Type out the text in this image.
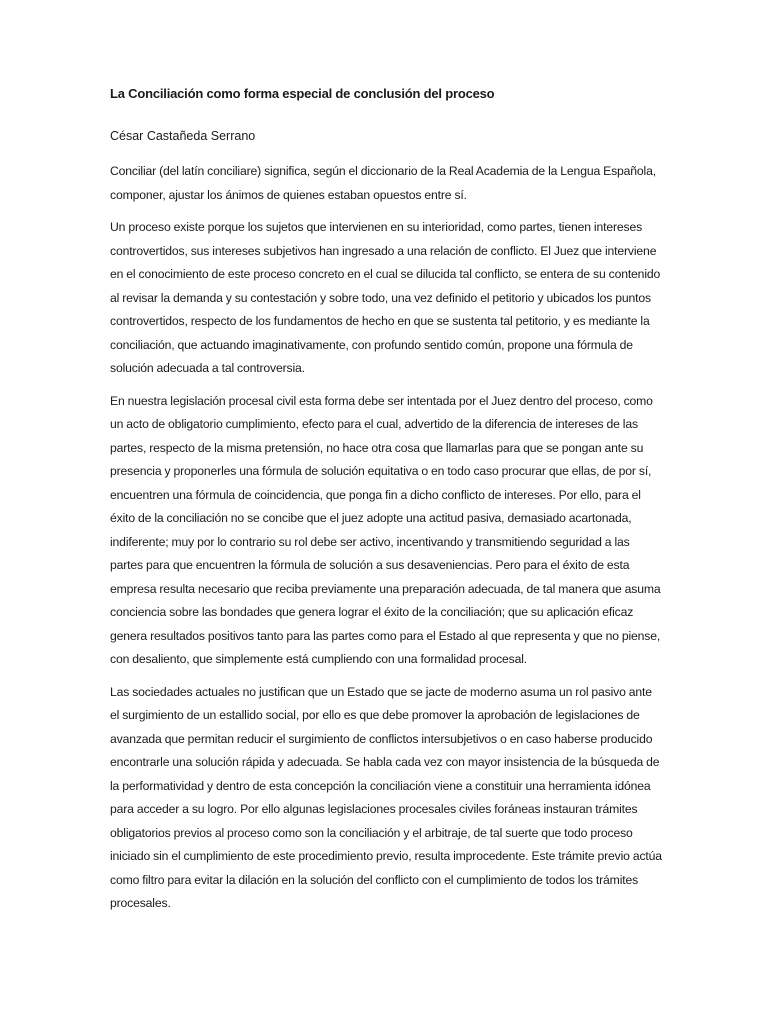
La Conciliación como forma especial de conclusión del proceso
César Castañeda Serrano

Conciliar (del latín conciliare) significa, según el diccionario de la Real Academia de la Lengua Española, componer, ajustar los ánimos de quienes estaban opuestos entre sí.

Un proceso existe porque los sujetos que intervienen en su interioridad, como partes, tienen intereses controvertidos, sus intereses subjetivos han ingresado a una relación de conflicto. El Juez que interviene en el conocimiento de este proceso concreto en el cual se dilucida tal conflicto, se entera de su contenido al revisar la demanda y su contestación y sobre todo, una vez definido el petitorio y ubicados los puntos controvertidos, respecto de los fundamentos de hecho en que se sustenta tal petitorio, y es mediante la conciliación, que actuando imaginativamente, con profundo sentido común, propone una fórmula de solución adecuada a tal controversia.

En nuestra legislación procesal civil esta forma debe ser intentada por el Juez dentro del proceso, como un acto de obligatorio cumplimiento, efecto para el cual, advertido de la diferencia de intereses de las partes, respecto de la misma pretensión, no hace otra cosa que llamarlas para que se pongan ante su presencia y proponerles una fórmula de solución equitativa o en todo caso procurar que ellas, de por sí, encuentren una fórmula de coincidencia, que ponga fin a dicho conflicto de intereses. Por ello, para el éxito de la conciliación no se concibe que el juez adopte una actitud pasiva, demasiado acartonada, indiferente; muy por lo contrario su rol debe ser activo, incentivando y transmitiendo seguridad a las partes para que encuentren la fórmula de solución a sus desaveniencias. Pero para el éxito de esta empresa resulta necesario que reciba previamente una preparación adecuada, de tal manera que asuma conciencia sobre las bondades que genera lograr el éxito de la conciliación; que su aplicación eficaz genera resultados positivos tanto para las partes como para el Estado al que representa y que no piense, con desaliento, que simplemente está cumpliendo con una formalidad procesal.

Las sociedades actuales no justifican que un Estado que se jacte de moderno asuma un rol pasivo ante el surgimiento de un estallido social, por ello es que debe promover la aprobación de legislaciones de avanzada que permitan reducir el surgimiento de conflictos intersubjetivos o en caso haberse producido encontrarle una solución rápida y adecuada. Se habla cada vez con mayor insistencia de la búsqueda de la performatividad y dentro de esta concepción la conciliación viene a constituir una herramienta idónea para acceder a su logro. Por ello algunas legislaciones procesales civiles foráneas instauran trámites obligatorios previos al proceso como son la conciliación y el arbitraje, de tal suerte que todo proceso iniciado sin el cumplimiento de este procedimiento previo, resulta improcedente. Este trámite previo actúa como filtro para evitar la dilación en la solución del conflicto con el cumplimiento de todos los trámites procesales.
